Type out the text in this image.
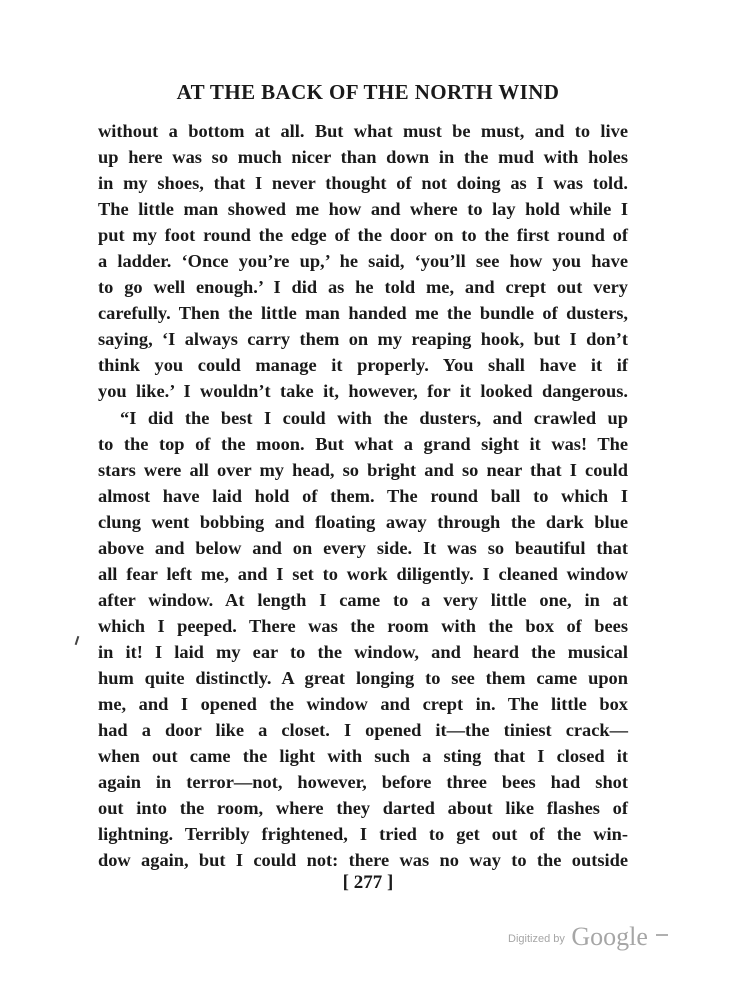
AT THE BACK OF THE NORTH WIND
without a bottom at all. But what must be must, and to live
up here was so much nicer than down in the mud with holes
in my shoes, that I never thought of not doing as I was told.
The little man showed me how and where to lay hold while I
put my foot round the edge of the door on to the first round of
a ladder. ‘Once you’re up,’ he said, ‘you’ll see how you have
to go well enough.’ I did as he told me, and crept out very
carefully. Then the little man handed me the bundle of dusters,
saying, ‘I always carry them on my reaping hook, but I don’t
think you could manage it properly. You shall have it if
you like.’ I wouldn’t take it, however, for it looked dangerous.
“I did the best I could with the dusters, and crawled up
to the top of the moon. But what a grand sight it was! The
stars were all over my head, so bright and so near that I could
almost have laid hold of them. The round ball to which I
clung went bobbing and floating away through the dark blue
above and below and on every side. It was so beautiful that
all fear left me, and I set to work diligently. I cleaned window
after window. At length I came to a very little one, in at
which I peeped. There was the room with the box of bees
in it! I laid my ear to the window, and heard the musical
hum quite distinctly. A great longing to see them came upon
me, and I opened the window and crept in. The little box
had a door like a closet. I opened it—the tiniest crack—
when out came the light with such a sting that I closed it
again in terror—not, however, before three bees had shot
out into the room, where they darted about like flashes of
lightning. Terribly frightened, I tried to get out of the win-
dow again, but I could not: there was no way to the outside
[ 277 ]
Digitized by Google
